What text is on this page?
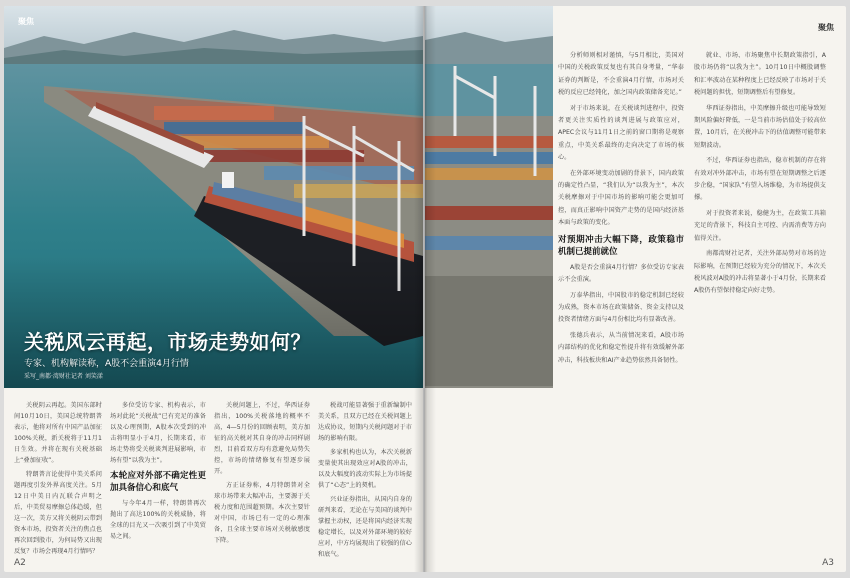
聚焦
关税风云再起，市场走势如何？
专家、机构解读称，A股不会重演4月行情
采写_南都·湾财社记者 刘笑漾

关税阴云再起。美国东部时间10月10日，美国总统特朗普表示，他将对所有中国产品加征100%关税，新关税将于11月1日生效。并将在现有关税基础上“叠加征收”。

特朗普言论使得中美关系问题再度引发外界高度关注。5月12日中美日内瓦联合声明之后，中美贸易摩擦总体趋缓，但这一次，美方又将关税阴云带到资本市场，投资者关注的焦点也再次回到股市，为何局势又出现反复？市场会再现4月行情吗？

多位受访专家、机构表示，市场对此轮“关税战”已有充足的准备以及心理预期，A股本次受到的冲击将明显小于4月，长期来看，市场走势将受关税谈判进展影响，市场有望“以我为主”。

本轮应对外部不确定性更加具备信心和底气

与今年4月一样，特朗普再次抛出了高达100%的关税威胁，将全球的目光又一次吸引到了中美贸易之间。

关税问题上，不过，华西证券指出，100%关税落地的概率不高，4—5月份的回顾表明，美方加征的高关税对其自身的冲击同样剧烈，目前看双方均有意避免局势失控，市场的情绪修复有望逐步展开。

方正证券称，4月特朗普对全球市场带来大幅冲击，主要源于关税力度和范围超预期。本次主要针对中国，市场已有一定的心理准备，且全球主要市场对关税敏感度下降。

税战可能显著强于重新编制中美关系，且双方已经在关税问题上达成协议，短期内关税问题对于市场的影响有限。

多家机构也认为，本次关税新变量使其出现效应对A股的冲击，以及大幅度的波动实际上为市场提供了“心态”上的契机。

兴业证券指出，从国内自身的研判来看，无论在与美国的谈判中掌握主动权，还是将国内经济实现稳定增长，以及对外部环境的较好应对，中方均展现出了较强的信心和底气。

A2
聚焦

分析师则相对谨慎，与5月相比，美国对中国的关税政策反复也有其自身考量，“华泰证券的判断是，不会重演4月行情，市场对关税的反应已经钝化，加之国内政策储备充足。”

对于市场来说，在关税谈判进程中，投资者更关注实质性的谈判进展与政策应对，APEC会议与11月1日之前的窗口期将是观察重点，中美关系最终的走向决定了市场的核心。

在外部环境变动加剧的背景下，国内政策的确定性凸显，“我们认为“以我为主”，本次关税摩擦对于中国市场的影响可能会更加可控，而真正影响中国资产走势的是国内经济基本面与政策的变化。

对预期冲击大幅下降，政策稳市机制已提前就位

A股是否会重演4月行情？多位受访专家表示不会重演。

万泰华指出，中国股市的稳定机制已经较为成熟，资本市场在政策储备、资金支持以及投资者情绪方面与4月份相比均有显著改善。

张德兵表示，从当前情况来看，A股市场内部结构的优化和稳定性提升将有效缓解外部冲击，科技板块和AI产业趋势依然具备韧性。

就业、市场、市场聚焦中长期政策指引，A股市场仍将“以我为主”。10月10日中概股调整和汇率波动在某种程度上已经反映了市场对于关税问题的担忧，短期调整后有望修复。

华西证券指出，中美摩擦升级也可能导致短期风险偏好降低，一是当前市场估值处于较高位置，10月后，在关税冲击下的估值调整可能带来短期波动。

不过，华西证券也指出，稳市机制的存在将有效对冲外部冲击，市场有望在短期调整之后逐步企稳，“国家队”有望入场维稳，为市场提供支撑。

对于投资者来说，稳健为主，在政策工具箱充足的背景下，科技自主可控、内需消费等方向值得关注。

南都湾财社记者，关注外部局势对市场的边际影响，在预期已经较为充分的情况下，本次关税风波对A股的冲击将显著小于4月份，长期来看A股仍有望保持稳定向好走势。

A3
